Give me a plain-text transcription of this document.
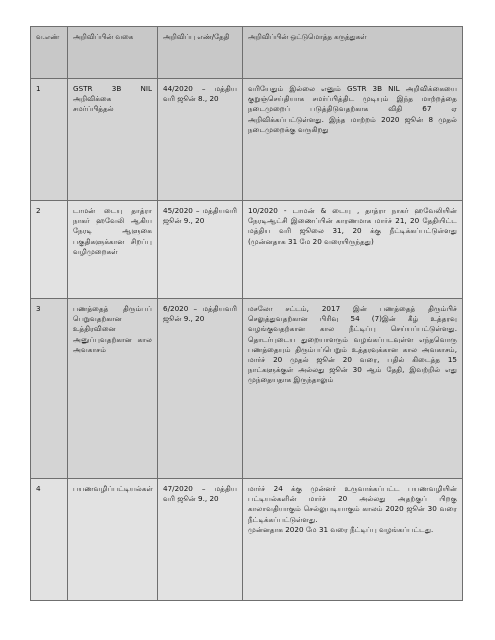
வ.எண்	அறிவிப்பின் வகை	அறிவிப்பு எண்/தேதி	அறிவிப்பின் ஒட்டுமொத்த கருத்துகள்
1	GSTR 3B NIL அறிவிக்கை சமர்ப்பித்தல்	44/2020 – மத்திய வரி ஜூன் 8., 20	வரியேதும் இல்லை எனும் GSTR 3B NIL அறிவிக்கையை குறுஞ்செய்தியாக சமர்ப்பித்திட முடியும் இந்த மாற்றத்தை நடைமுறைப் படுத்திடுவதற்காக விதி 67 ஏ அறிவிக்கப்பட்டுள்ளது. இந்த மாற்றம் 2020 ஜூன் 8 முதல் நடைமுறைக்கு வருகிறது

2	டாமன் டையு தாத்ரா நாகர் ஹவேலி ஆகிய நேரடி ஆளுகை பகுதிகளுக்கான சிறப்பு வழிமுறைகள்	45/2020 – மத்தியவரி ஜூன் 9., 20	10/2020 - டாமன் & டையு , தாத்ரா நாகர் ஹவேலியின் நேரடிஆட்சி இணைப்பின் காரணமாக மார்ச் 21, 20 தேதியிட்ட மத்திய வரி ஜூலை 31, 20 க்கு நீட்டிக்கப்பட்டுள்ளது (முன்னதாக 31 மே 20 வரையிருந்தது)

3	பணத்தைத் திரும்பப் பெறுவதற்கான உத்திரவினை அனுப்புவதற்கான கால அவகாசம்	6/2020 – மத்தியவரி ஜூன் 9., 20	மசலோ சட்டம், 2017 இன் பணத்தைத் திரும்பிச் செலுத்துவதற்கான பிரிவு 54 (7)இன் கீழ் உத்தரவு வழங்குவதற்கான கால நீட்டிப்பு செய்யப்பட்டுள்ளது. தொடர்புடைய துறையாளரும் வழங்கப்படவுள்ள எந்தவொரு பணத்தையும் திரும்பப்பெறும் உத்தரவுக்கான கால அவகாசம், மார்ச் 20 முதல் ஜூன் 20 வரை, பதில் கிடைத்த 15 நாட்களுக்குள் அல்லது ஜூன் 30 ஆம் தேதி, இவற்றில் எது முந்தையதாக இருந்தாலும்

4	பயணவழிப்பட்டியல்கள்	47/2020 – மத்திய வரி ஜூன் 9., 20	மார்ச் 24 க்கு முன்னர் உருவாக்கப்பட்ட பயணவழியின் பட்டியல்களின் மார்ச் 20 அல்லது அதற்குப் பிறகு காலாவதியாகும் செல்லுபடியாகும் காலம் 2020 ஜூன் 30 வரை நீட்டிக்கப்பட்டுள்ளது.
முன்னதாக 2020 மே 31 வரை நீட்டிப்பு வழங்கப்பட்டது.
